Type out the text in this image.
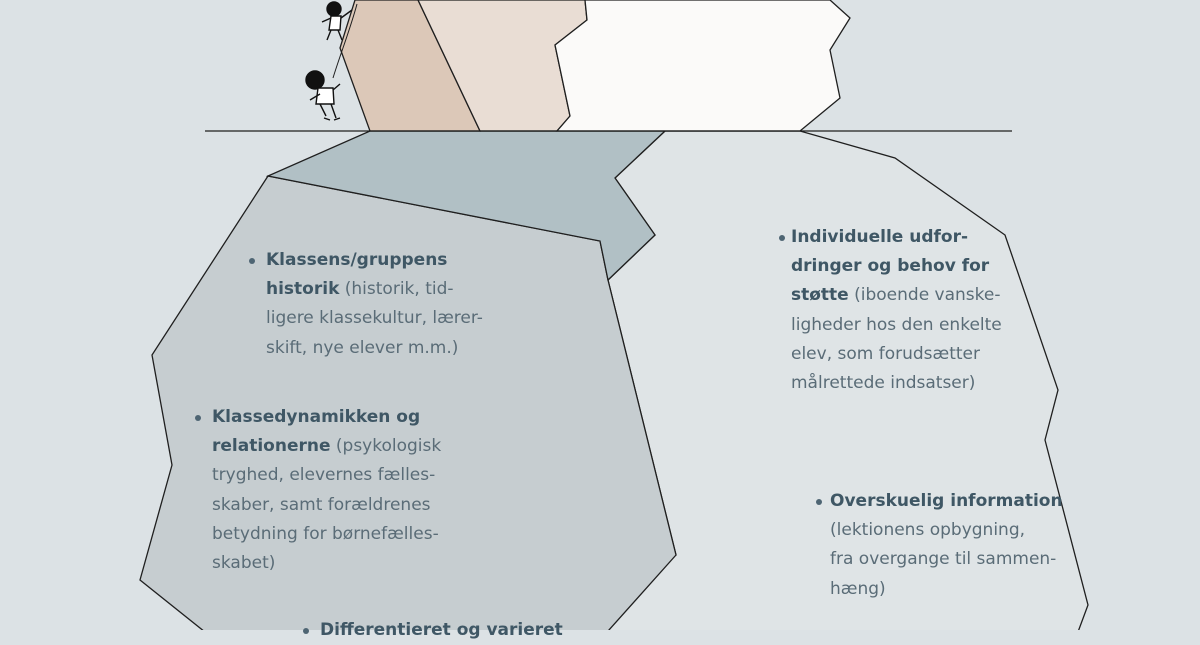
Klassens/gruppens
historik (historik, tid-
ligere klassekultur, lærer-
skift, nye elever m.m.)
Klassedynamikken og
relationerne (psykologisk
tryghed, elevernes fælles-
skaber, samt forældrenes
betydning for børnefælles-
skabet)
Differentieret og varieret
Individuelle udfor-
dringer og behov for
støtte (iboende vanske-
ligheder hos den enkelte
elev, som forudsætter
målrettede indsatser)
Overskuelig information
(lektionens opbygning,
fra overgange til sammen-
hæng)
